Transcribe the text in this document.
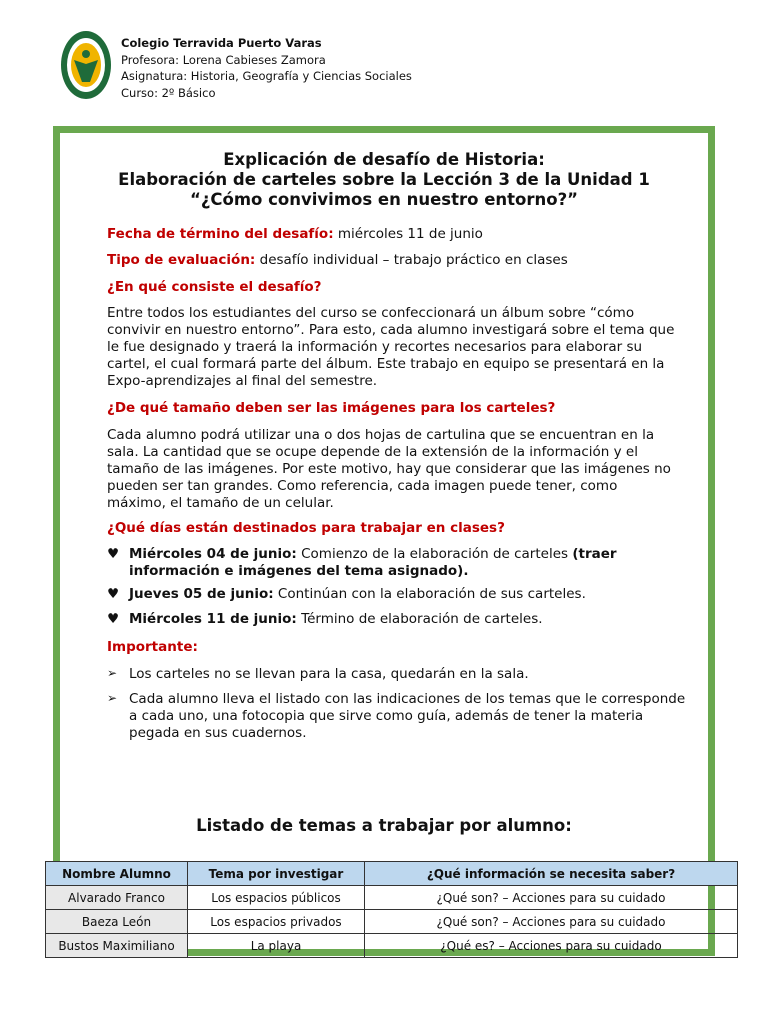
Colegio Terravida Puerto Varas
Profesora: Lorena Cabieses Zamora
Asignatura: Historia, Geografía y Ciencias Sociales
Curso: 2º Básico
Explicación de desafío de Historia:
Elaboración de carteles sobre la Lección 3 de la Unidad 1
“¿Cómo convivimos en nuestro entorno?”
Fecha de término del desafío: miércoles 11 de junio
Tipo de evaluación: desafío individual – trabajo práctico en clases
¿En qué consiste el desafío?
Entre todos los estudiantes del curso se confeccionará un álbum sobre “cómo convivir en nuestro entorno”. Para esto, cada alumno investigará sobre el tema que le fue designado y traerá la información y recortes necesarios para elaborar su cartel, el cual formará parte del álbum. Este trabajo en equipo se presentará en la Expo-aprendizajes al final del semestre.
¿De qué tamaño deben ser las imágenes para los carteles?
Cada alumno podrá utilizar una o dos hojas de cartulina que se encuentran en la sala. La cantidad que se ocupe depende de la extensión de la información y el tamaño de las imágenes. Por este motivo, hay que considerar que las imágenes no pueden ser tan grandes. Como referencia, cada imagen puede tener, como máximo, el tamaño de un celular.
¿Qué días están destinados para trabajar en clases?
♥ Miércoles 04 de junio: Comienzo de la elaboración de carteles (traer información e imágenes del tema asignado).
♥ Jueves 05 de junio: Continúan con la elaboración de sus carteles.
♥ Miércoles 11 de junio: Término de elaboración de carteles.
Importante:
➢ Los carteles no se llevan para la casa, quedarán en la sala.
➢ Cada alumno lleva el listado con las indicaciones de los temas que le corresponde a cada uno, una fotocopia que sirve como guía, además de tener la materia pegada en sus cuadernos.
Listado de temas a trabajar por alumno:
Nombre Alumno	Tema por investigar	¿Qué información se necesita saber?
Alvarado Franco	Los espacios públicos	¿Qué son? – Acciones para su cuidado
Baeza León	Los espacios privados	¿Qué son? – Acciones para su cuidado
Bustos Maximiliano	La playa	¿Qué es? – Acciones para su cuidado
